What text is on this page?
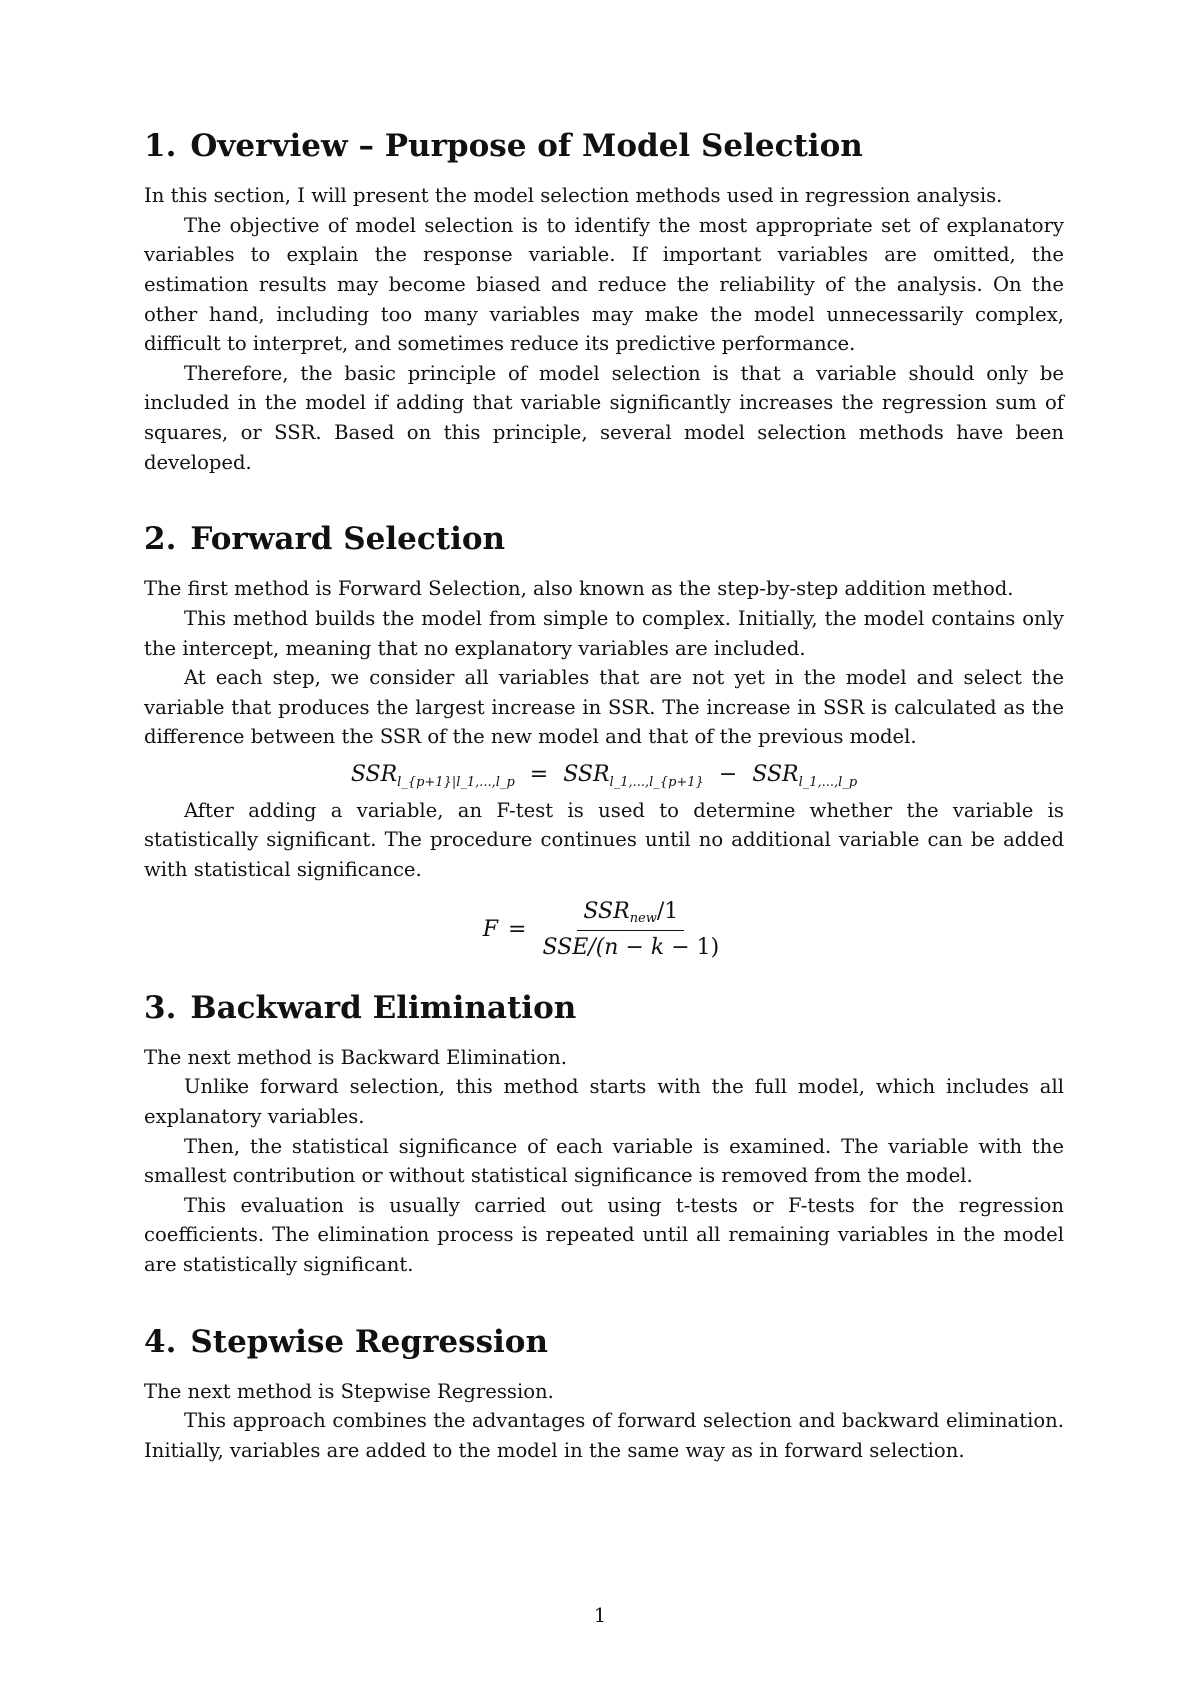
1. Overview – Purpose of Model Selection

In this section, I will present the model selection methods used in regression analysis.

The objective of model selection is to identify the most appropriate set of explanatory variables to explain the response variable. If important variables are omitted, the estimation results may become biased and reduce the reliability of the analysis. On the other hand, including too many variables may make the model unnecessarily complex, difficult to interpret, and sometimes reduce its predictive performance.

Therefore, the basic principle of model selection is that a variable should only be included in the model if adding that variable significantly increases the regression sum of squares, or SSR. Based on this principle, several model selection methods have been developed.

2. Forward Selection

The first method is Forward Selection, also known as the step-by-step addition method.

This method builds the model from simple to complex. Initially, the model contains only the intercept, meaning that no explanatory variables are included.

At each step, we consider all variables that are not yet in the model and select the variable that produces the largest increase in SSR. The increase in SSR is calculated as the difference between the SSR of the new model and that of the previous model.

$SSR_{l\_\{p+1\}|l\_1,...,l\_p} = SSR_{l\_1,...,l\_\{p+1\}} - SSR_{l\_1,...,l\_p}$

After adding a variable, an F-test is used to determine whether the variable is statistically significant. The procedure continues until no additional variable can be added with statistical significance.

$F = \frac{SSR_{new}/1}{\text{SSE/(n − k − 1)}}$
3. Backward Elimination

The next method is Backward Elimination.

Unlike forward selection, this method starts with the full model, which includes all explanatory variables.

Then, the statistical significance of each variable is examined. The variable with the smallest contribution or without statistical significance is removed from the model.

This evaluation is usually carried out using t-tests or F-tests for the regression coefficients. The elimination process is repeated until all remaining variables in the model are statistically significant.

4. Stepwise Regression

The next method is Stepwise Regression.

This approach combines the advantages of forward selection and backward elimination. Initially, variables are added to the model in the same way as in forward selection.

1
